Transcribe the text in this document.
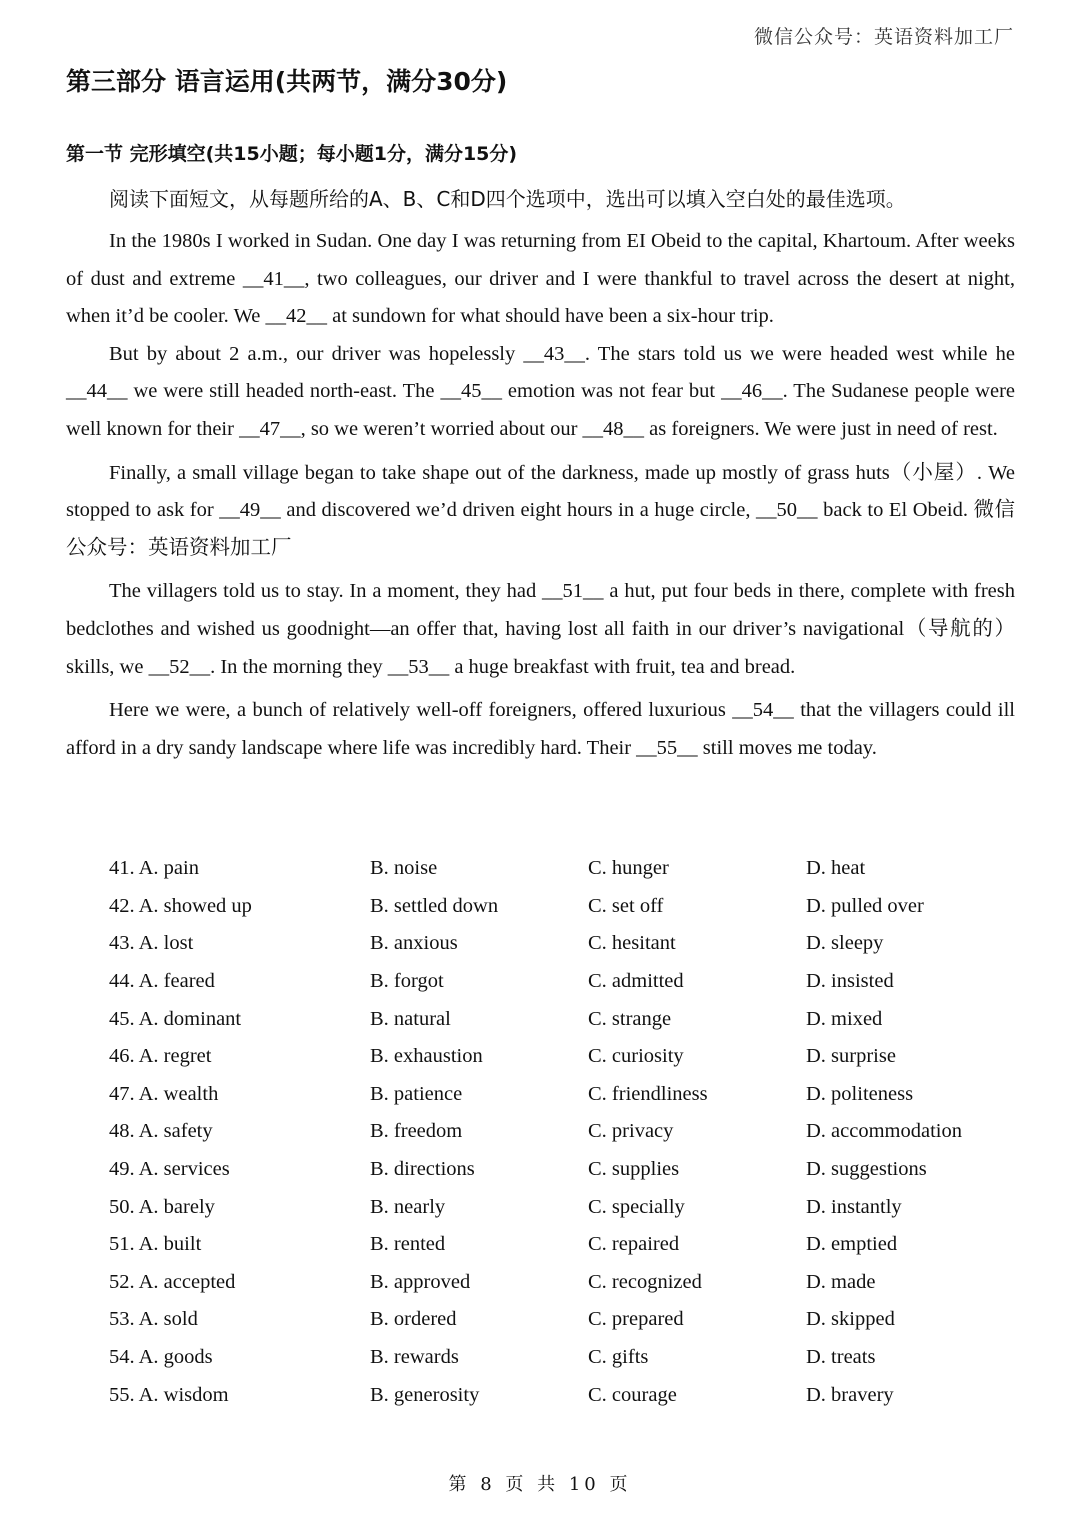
微信公众号：英语资料加工厂
第三部分 语言运用(共两节，满分30分)
第一节 完形填空(共15小题；每小题1分，满分15分)
阅读下面短文，从每题所给的A、B、C和D四个选项中，选出可以填入空白处的最佳选项。

In the 1980s I worked in Sudan. One day I was returning from EI Obeid to the capital, Khartoum. After weeks of dust and extreme __41__, two colleagues, our driver and I were thankful to travel across the desert at night, when it’d be cooler. We __42__ at sundown for what should have been a six-hour trip.

But by about 2 a.m., our driver was hopelessly __43__. The stars told us we were headed west while he __44__ we were still headed north-east. The __45__ emotion was not fear but __46__. The Sudanese people were well known for their __47__, so we weren’t worried about our __48__ as foreigners. We were just in need of rest.

Finally, a small village began to take shape out of the darkness, made up mostly of grass huts（小屋）. We stopped to ask for __49__ and discovered we’d driven eight hours in a huge circle, __50__ back to El Obeid. 微信公众号：英语资料加工厂

The villagers told us to stay. In a moment, they had __51__ a hut, put four beds in there, complete with fresh bedclothes and wished us goodnight—an offer that, having lost all faith in our driver’s navigational（导航的）skills, we __52__. In the morning they __53__ a huge breakfast with fruit, tea and bread.

Here we were, a bunch of relatively well-off foreigners, offered luxurious __54__ that the villagers could ill afford in a dry sandy landscape where life was incredibly hard. Their __55__ still moves me today.

41. A. pain	B. noise	C. hunger	D. heat
42. A. showed up	B. settled down	C. set off	D. pulled over
43. A. lost	B. anxious	C. hesitant	D. sleepy
44. A. feared	B. forgot	C. admitted	D. insisted
45. A. dominant	B. natural	C. strange	D. mixed
46. A. regret	B. exhaustion	C. curiosity	D. surprise
47. A. wealth	B. patience	C. friendliness	D. politeness
48. A. safety	B. freedom	C. privacy	D. accommodation
49. A. services	B. directions	C. supplies	D. suggestions
50. A. barely	B. nearly	C. specially	D. instantly
51. A. built	B. rented	C. repaired	D. emptied
52. A. accepted	B. approved	C. recognized	D. made
53. A. sold	B. ordered	C. prepared	D. skipped
54. A. goods	B. rewards	C. gifts	D. treats
55. A. wisdom	B. generosity	C. courage	D. bravery
第 8 页 共 10 页
